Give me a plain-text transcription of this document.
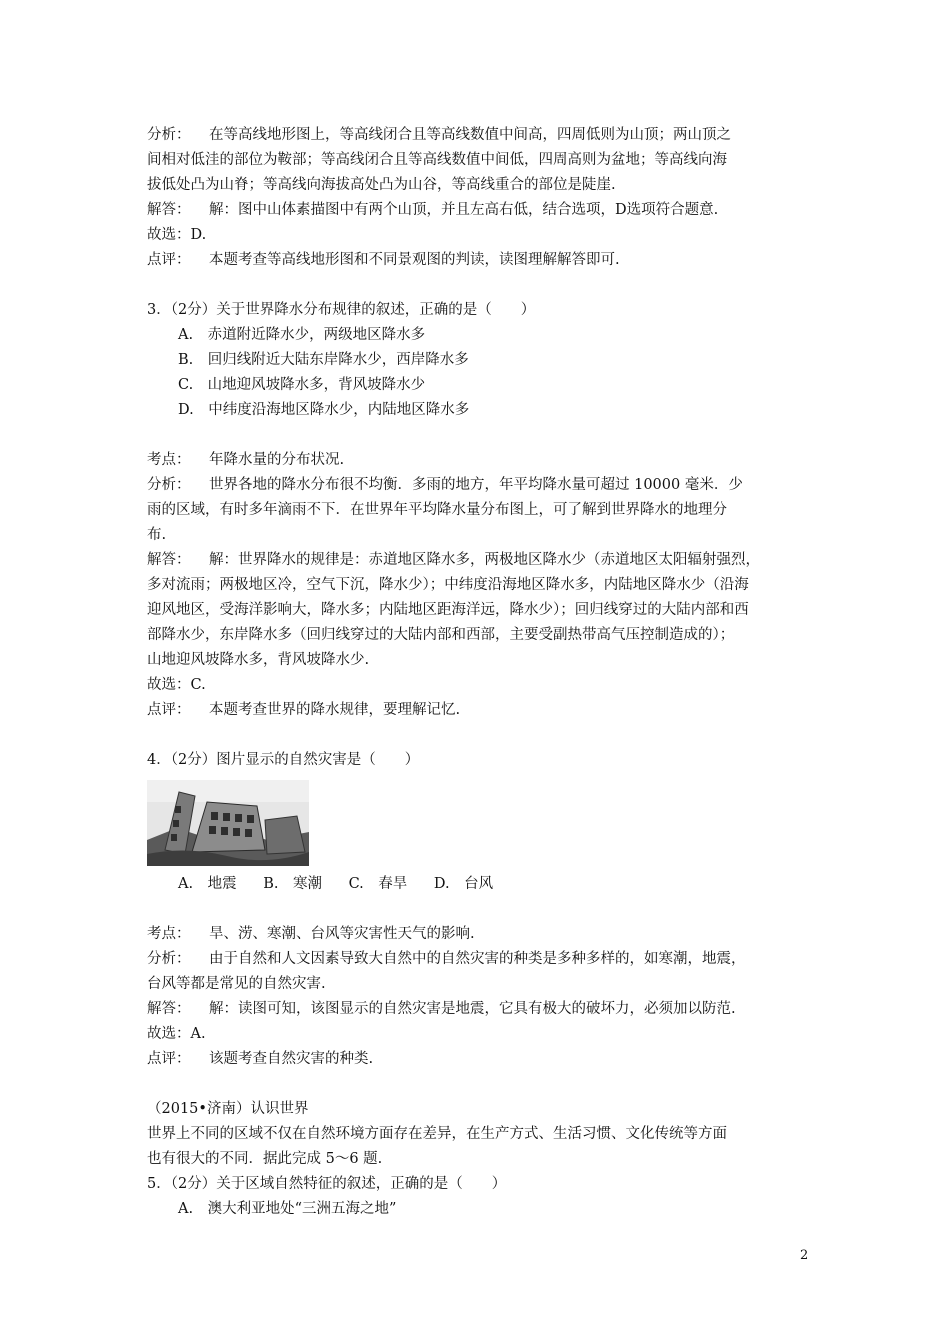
分析： 在等高线地形图上，等高线闭合且等高线数值中间高，四周低则为山顶；两山顶之
间相对低洼的部位为鞍部；等高线闭合且等高线数值中间低，四周高则为盆地；等高线向海
拔低处凸为山脊；等高线向海拔高处凸为山谷，等高线重合的部位是陡崖.
解答： 解：图中山体素描图中有两个山顶，并且左高右低，结合选项，D选项符合题意.
故选：D.
点评： 本题考查等高线地形图和不同景观图的判读，读图理解解答即可.
3．（2分）关于世界降水分布规律的叙述，正确的是（　　）
A.　赤道附近降水少，两级地区降水多
B.　回归线附近大陆东岸降水少，西岸降水多
C.　山地迎风坡降水多，背风坡降水少
D.　中纬度沿海地区降水少，内陆地区降水多
考点： 年降水量的分布状况.
分析： 世界各地的降水分布很不均衡．多雨的地方，年平均降水量可超过 10000 毫米．少
雨的区域，有时多年滴雨不下．在世界年平均降水量分布图上，可了解到世界降水的地理分
布.
解答： 解：世界降水的规律是：赤道地区降水多，两极地区降水少（赤道地区太阳辐射强烈，
多对流雨；两极地区冷，空气下沉，降水少）；中纬度沿海地区降水多，内陆地区降水少（沿海
迎风地区，受海洋影响大，降水多；内陆地区距海洋远，降水少）；回归线穿过的大陆内部和西
部降水少，东岸降水多（回归线穿过的大陆内部和西部，主要受副热带高气压控制造成的）；
山地迎风坡降水多，背风坡降水少.
故选：C.
点评： 本题考查世界的降水规律，要理解记忆.
4．（2分）图片显示的自然灾害是（　　）
A.　地震 B.　寒潮 C.　春旱 D.　台风
考点： 旱、涝、寒潮、台风等灾害性天气的影响.
分析： 由于自然和人文因素导致大自然中的自然灾害的种类是多种多样的，如寒潮，地震，
台风等都是常见的自然灾害.
解答： 解：读图可知，该图显示的自然灾害是地震，它具有极大的破坏力，必须加以防范.
故选：A.
点评： 该题考查自然灾害的种类.
（2015•济南）认识世界
世界上不同的区域不仅在自然环境方面存在差异，在生产方式、生活习惯、文化传统等方面
也有很大的不同．据此完成 5～6 题.
5．（2分）关于区域自然特征的叙述，正确的是（　　）
A.　澳大利亚地处“三洲五海之地”
2
